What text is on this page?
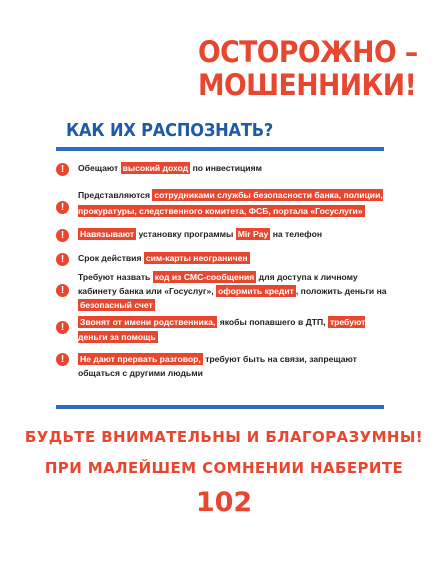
ОСТОРОЖНО –
МОШЕННИКИ!
КАК ИХ РАСПОЗНАТЬ?
!	Обещают высокий доход по инвестициям
!
Представляются сотрудниками службы безопасности банка, полиции, прокуратуры, следственного комитета, ФСБ, портала «Госуслуги»
!	Навязывают установку программы Mir Pay на телефон
!	Срок действия сим-карты неограничен
!
Требуют назвать код из СМС-сообщения для доступа к личному кабинету банка или «Госуслуг», оформить кредит , положить деньги на безопасный счет
!	Звонят от имени родственника, якобы попавшего в ДТП, требуют деньги за помощь
!	Не дают прервать разговор, требуют быть на связи, запрещают общаться с другими людьми
БУДЬТЕ ВНИМАТЕЛЬНЫ И БЛАГОРАЗУМНЫ!
ПРИ МАЛЕЙШЕМ СОМНЕНИИ НАБЕРИТЕ
102
